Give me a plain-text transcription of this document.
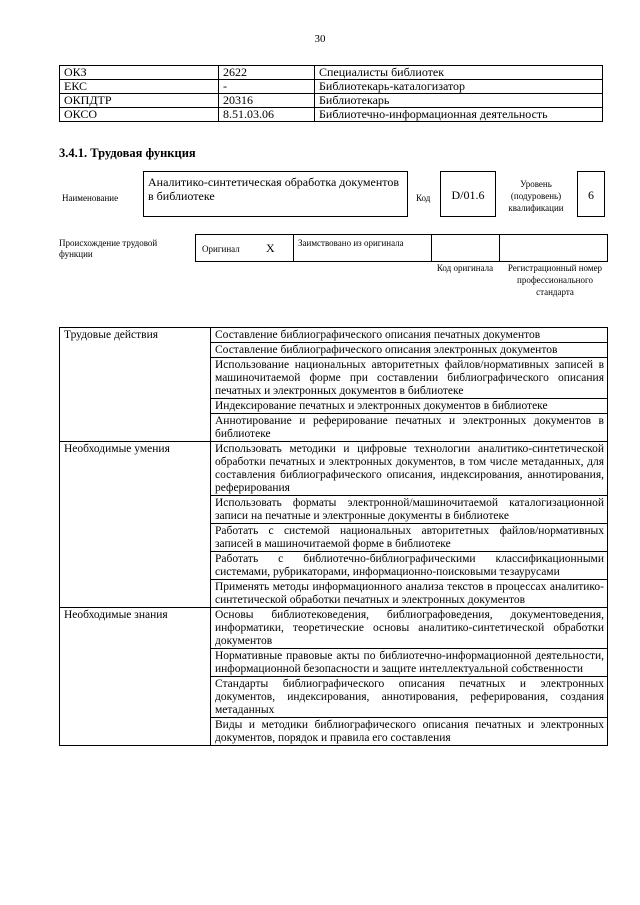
30
ОКЗ	2622	Специалисты библиотек
ЕКС	-	Библиотекарь-каталогизатор
ОКПДТР	20316	Библиотекарь
ОКСО	8.51.03.06	Библиотечно-информационная деятельность
3.4.1. Трудовая функция
Наименование
Аналитико-синтетическая обработка документов в библиотеке	Код	D/01.6
Уровень (подуровень) квалификации
6
Происхождение трудовой функции	Оригинал X	Заимствовано из оригинала
Код оригинала	Регистрационный номер профессионального стандарта
Трудовые действия	Составление библиографического описания печатных документов
	Составление библиографического описания электронных документов
	Использование национальных авторитетных файлов/нормативных записей в машиночитаемой форме при составлении библиографического описания печатных и электронных документов в библиотеке
	Индексирование печатных и электронных документов в библиотеке
	Аннотирование и реферирование печатных и электронных документов в библиотеке
Необходимые умения	Использовать методики и цифровые технологии аналитико-синтетической обработки печатных и электронных документов, в том числе метаданных, для составления библиографического описания, индексирования, аннотирования, реферирования
	Использовать форматы электронной/машиночитаемой каталогизационной записи на печатные и электронные документы в библиотеке
	Работать с системой национальных авторитетных файлов/нормативных записей в машиночитаемой форме в библиотеке
	Работать с библиотечно-библиографическими классификационными системами, рубрикаторами, информационно-поисковыми тезаурусами
	Применять методы информационного анализа текстов в процессах аналитико-синтетической обработки печатных и электронных документов
Необходимые знания	Основы библиотековедения, библиографоведения, документоведения, информатики, теоретические основы аналитико-синтетической обработки документов
	Нормативные правовые акты по библиотечно-информационной деятельности, информационной безопасности и защите интеллектуальной собственности
	Стандарты библиографического описания печатных и электронных документов, индексирования, аннотирования, реферирования, создания метаданных
	Виды и методики библиографического описания печатных и электронных документов, порядок и правила его составления
